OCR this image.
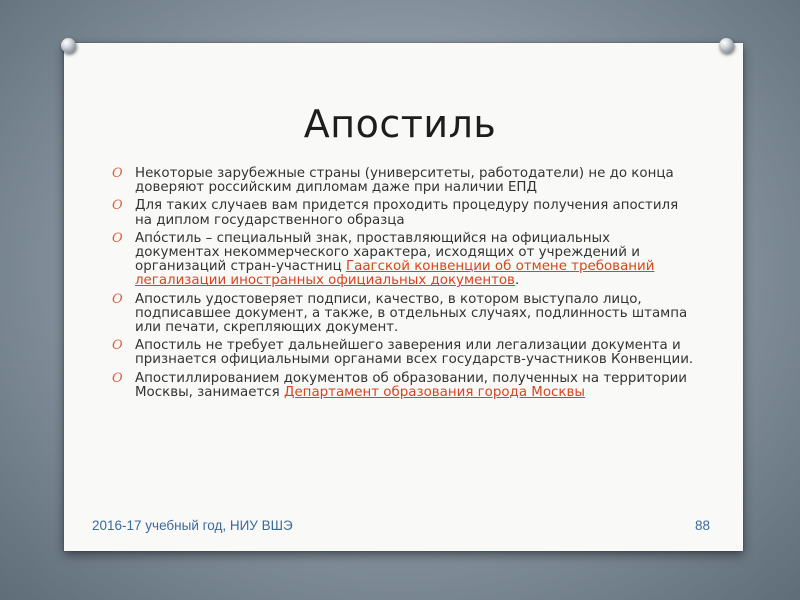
Апостиль
O Некоторые зарубежные страны (университеты, работодатели) не до конца доверяют российским дипломам даже при наличии ЕПД
O Для таких случаев вам придется проходить процедуру получения апостиля на диплом государственного образца
O Апо́стиль – специальный знак, проставляющийся на официальных документах некоммерческого характера, исходящих от учреждений и организаций стран-участниц Гаагской конвенции об отмене требований легализации иностранных официальных документов.
O Апостиль удостоверяет подписи, качество, в котором выступало лицо, подписавшее документ, а также, в отдельных случаях, подлинность штампа или печати, скрепляющих документ.
O Апостиль не требует дальнейшего заверения или легализации документа и признается официальными органами всех государств-участников Конвенции.
O Апостиллированием документов об образовании, полученных на территории Москвы, занимается Департамент образования города Москвы
2016-17 учебный год, НИУ ВШЭ	88
